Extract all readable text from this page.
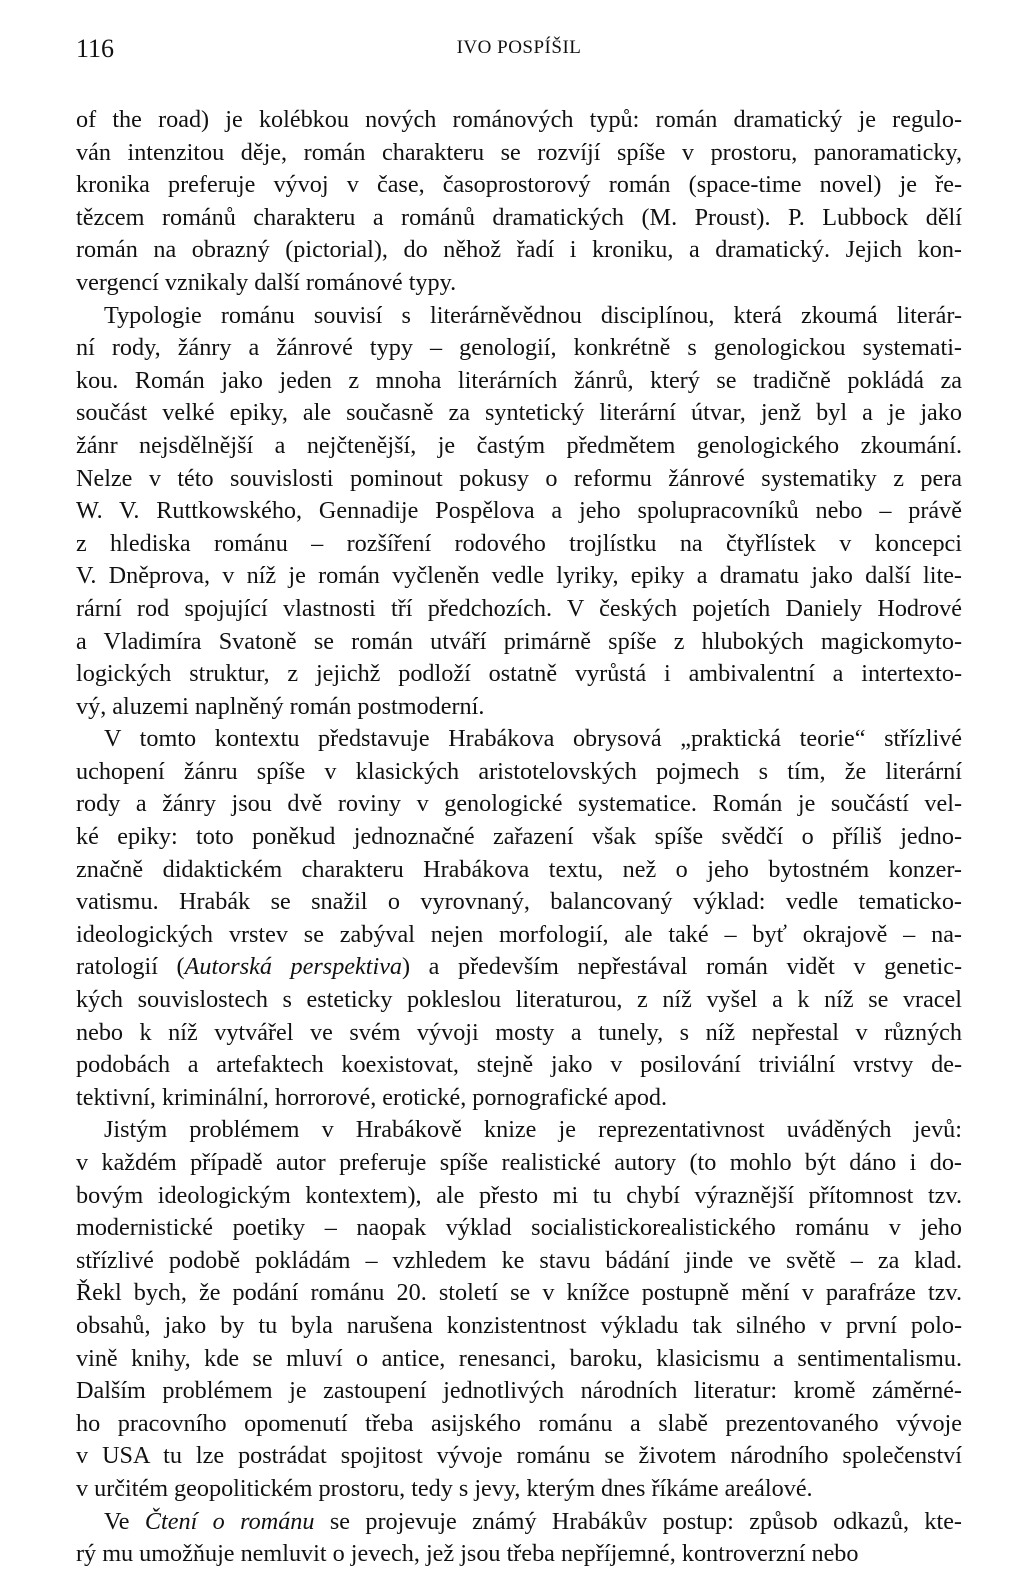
116	IVO POSPÍŠIL
of the road) je kolébkou nových románových typů: román dramatický je regulo-
ván intenzitou děje, román charakteru se rozvíjí spíše v prostoru, panoramaticky,
kronika preferuje vývoj v čase, časoprostorový román (space-time novel) je ře-
tězcem románů charakteru a románů dramatických (M. Proust). P. Lubbock dělí
román na obrazný (pictorial), do něhož řadí i kroniku, a dramatický. Jejich kon-
vergencí vznikaly další románové typy.
Typologie románu souvisí s literárněvědnou disciplínou, která zkoumá literár-
ní rody, žánry a žánrové typy – genologií, konkrétně s genologickou systemati-
kou. Román jako jeden z mnoha literárních žánrů, který se tradičně pokládá za
součást velké epiky, ale současně za syntetický literární útvar, jenž byl a je jako
žánr nejsdělnější a nejčtenější, je častým předmětem genologického zkoumání.
Nelze v této souvislosti pominout pokusy o reformu žánrové systematiky z pera
W. V. Ruttkowského, Gennadije Pospělova a jeho spolupracovníků nebo – právě
z hlediska románu – rozšíření rodového trojlístku na čtyřlístek v koncepci
V. Dněprova, v níž je román vyčleněn vedle lyriky, epiky a dramatu jako další lite-
rární rod spojující vlastnosti tří předchozích. V českých pojetích Daniely Hodrové
a Vladimíra Svatoně se román utváří primárně spíše z hlubokých magickomyto-
logických struktur, z jejichž podloží ostatně vyrůstá i ambivalentní a intertexto-
vý, aluzemi naplněný román postmoderní.
V tomto kontextu představuje Hrabákova obrysová „praktická teorie“ střízlivé
uchopení žánru spíše v klasických aristotelovských pojmech s tím, že literární
rody a žánry jsou dvě roviny v genologické systematice. Román je součástí vel-
ké epiky: toto poněkud jednoznačné zařazení však spíše svědčí o příliš jedno-
značně didaktickém charakteru Hrabákova textu, než o jeho bytostném konzer-
vatismu. Hrabák se snažil o vyrovnaný, balancovaný výklad: vedle tematicko-
ideologických vrstev se zabýval nejen morfologií, ale také – byť okrajově – na-
ratologií (Autorská perspektiva) a především nepřestával román vidět v genetic-
kých souvislostech s esteticky pokleslou literaturou, z níž vyšel a k níž se vracel
nebo k níž vytvářel ve svém vývoji mosty a tunely, s níž nepřestal v různých
podobách a artefaktech koexistovat, stejně jako v posilování triviální vrstvy de-
tektivní, kriminální, horrorové, erotické, pornografické apod.
Jistým problémem v Hrabákově knize je reprezentativnost uváděných jevů:
v každém případě autor preferuje spíše realistické autory (to mohlo být dáno i do-
bovým ideologickým kontextem), ale přesto mi tu chybí výraznější přítomnost tzv.
modernistické poetiky – naopak výklad socialistickorealistického románu v jeho
střízlivé podobě pokládám – vzhledem ke stavu bádání jinde ve světě – za klad.
Řekl bych, že podání románu 20. století se v knížce postupně mění v parafráze tzv.
obsahů, jako by tu byla narušena konzistentnost výkladu tak silného v první polo-
vině knihy, kde se mluví o antice, renesanci, baroku, klasicismu a sentimentalismu.
Dalším problémem je zastoupení jednotlivých národních literatur: kromě záměrné-
ho pracovního opomenutí třeba asijského románu a slabě prezentovaného vývoje
v USA tu lze postrádat spojitost vývoje románu se životem národního společenství
v určitém geopolitickém prostoru, tedy s jevy, kterým dnes říkáme areálové.
Ve Čtení o románu se projevuje známý Hrabákův postup: způsob odkazů, kte-
rý mu umožňuje nemluvit o jevech, jež jsou třeba nepříjemné, kontroverzní nebo
